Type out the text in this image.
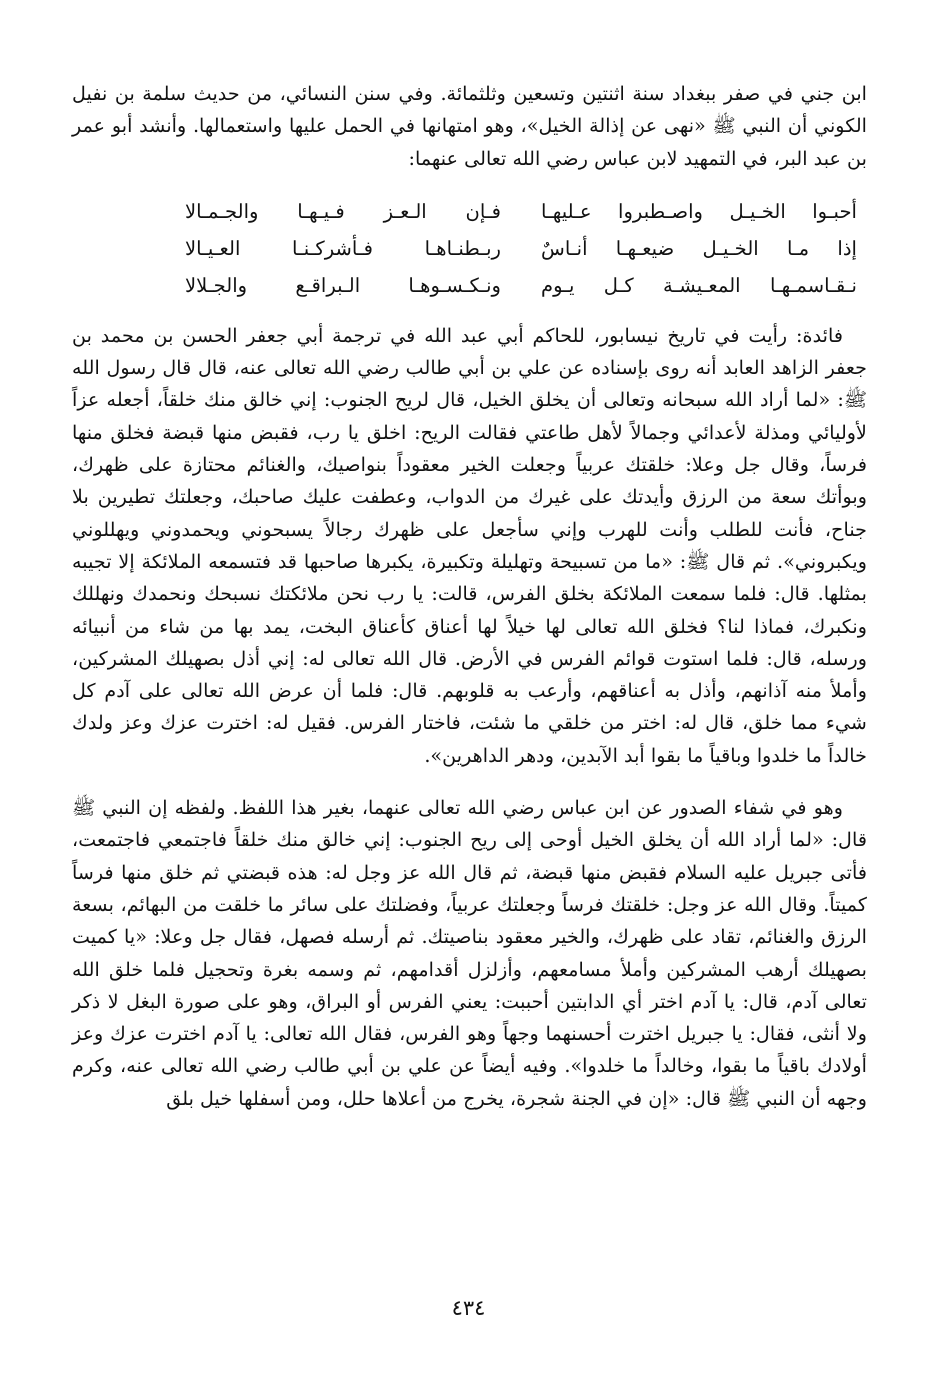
ابن جني في صفر ببغداد سنة اثنتين وتسعين وثلثمائة. وفي سنن النسائي، من حديث سلمة بن نفيل الكوني أن النبي ﷺ «نهى عن إذالة الخيل»، وهو امتهانها في الحمل عليها واستعمالها. وأنشد أبو عمر بن عبد البر، في التمهيد لابن عباس رضي الله تعالى عنهما:

أحبـوا الخـيـل واصـطبروا عـليهـا
فـإن الـعـز فـيـهـا والجـمـالا
إذا مـا الخـيـل ضيعـهـا أنـاسٌ
ربـطنـاهـا فـأشركـنـا العـيـالا
نـقـاسمـهـا المعـيشـة كـل يـوم
ونـكـسـوهـا الـبراقـع والجـلالا

فائدة: رأيت في تاريخ نيسابور، للحاكم أبي عبد الله في ترجمة أبي جعفر الحسن بن محمد بن جعفر الزاهد العابد أنه روى بإسناده عن علي بن أبي طالب رضي الله تعالى عنه، قال قال رسول الله ﷺ: «لما أراد الله سبحانه وتعالى أن يخلق الخيل، قال لريح الجنوب: إني خالق منك خلقاً، أجعله عزاً لأوليائي ومذلة لأعدائي وجمالاً لأهل طاعتي فقالت الريح: اخلق يا رب، فقبض منها قبضة فخلق منها فرساً، وقال جل وعلا: خلقتك عربياً وجعلت الخير معقوداً بنواصيك، والغنائم محتازة على ظهرك، وبوأتك سعة من الرزق وأيدتك على غيرك من الدواب، وعطفت عليك صاحبك، وجعلتك تطيرين بلا جناح، فأنت للطلب وأنت للهرب وإني سأجعل على ظهرك رجالاً يسبحوني ويحمدوني ويهللوني ويكبروني». ثم قال ﷺ: «ما من تسبيحة وتهليلة وتكبيرة، يكبرها صاحبها قد فتسمعه الملائكة إلا تجيبه بمثلها. قال: فلما سمعت الملائكة بخلق الفرس، قالت: يا رب نحن ملائكتك نسبحك ونحمدك ونهللك ونكبرك، فماذا لنا؟ فخلق الله تعالى لها خيلاً لها أعناق كأعناق البخت، يمد بها من شاء من أنبيائه ورسله، قال: فلما استوت قوائم الفرس في الأرض. قال الله تعالى له: إني أذل بصهيلك المشركين، وأملأ منه آذانهم، وأذل به أعناقهم، وأرعب به قلوبهم. قال: فلما أن عرض الله تعالى على آدم كل شيء مما خلق، قال له: اختر من خلقي ما شئت، فاختار الفرس. فقيل له: اخترت عزك وعز ولدك خالداً ما خلدوا وباقياً ما بقوا أبد الآبدين، ودهر الداهرين».

وهو في شفاء الصدور عن ابن عباس رضي الله تعالى عنهما، بغير هذا اللفظ. ولفظه إن النبي ﷺ قال: «لما أراد الله أن يخلق الخيل أوحى إلى ريح الجنوب: إني خالق منك خلقاً فاجتمعي فاجتمعت، فأتى جبريل عليه السلام فقبض منها قبضة، ثم قال الله عز وجل له: هذه قبضتي ثم خلق منها فرساً كميتاً. وقال الله عز وجل: خلقتك فرساً وجعلتك عربياً، وفضلتك على سائر ما خلقت من البهائم، بسعة الرزق والغنائم، تقاد على ظهرك، والخير معقود بناصيتك. ثم أرسله فصهل، فقال جل وعلا: «يا كميت بصهيلك أرهب المشركين وأملأ مسامعهم، وأزلزل أقدامهم، ثم وسمه بغرة وتحجيل فلما خلق الله تعالى آدم، قال: يا آدم اختر أي الدابتين أحببت: يعني الفرس أو البراق، وهو على صورة البغل لا ذكر ولا أنثى، فقال: يا جبريل اخترت أحسنهما وجهاً وهو الفرس، فقال الله تعالى: يا آدم اخترت عزك وعز أولادك باقياً ما بقوا، وخالداً ما خلدوا». وفيه أيضاً عن علي بن أبي طالب رضي الله تعالى عنه، وكرم وجهه أن النبي ﷺ قال: «إن في الجنة شجرة، يخرج من أعلاها حلل، ومن أسفلها خيل بلق

٤٣٤
